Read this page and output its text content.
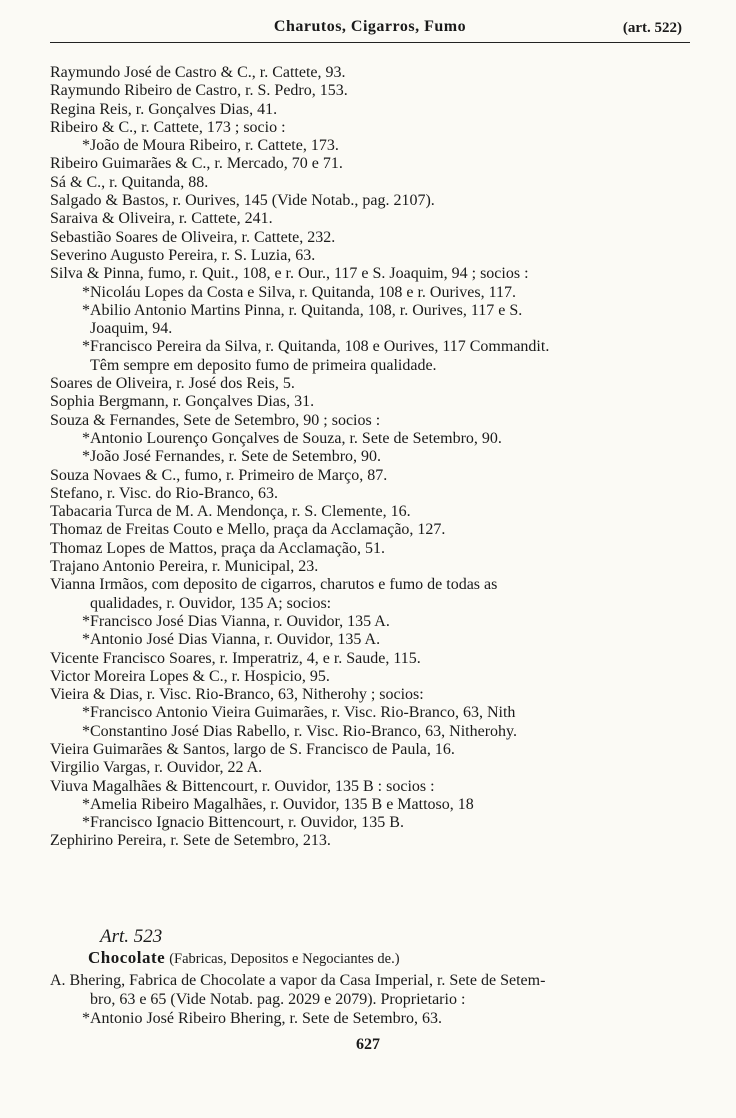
Charutos, Cigarros, Fumo	(art. 522)
Raymundo José de Castro & C., r. Cattete, 93.
Raymundo Ribeiro de Castro, r. S. Pedro, 153.
Regina Reis, r. Gonçalves Dias, 41.
Ribeiro & C., r. Cattete, 173 ; socio :
*João de Moura Ribeiro, r. Cattete, 173.
Ribeiro Guimarães & C., r. Mercado, 70 e 71.
Sá & C., r. Quitanda, 88.
Salgado & Bastos, r. Ourives, 145 (Vide Notab., pag. 2107).
Saraiva & Oliveira, r. Cattete, 241.
Sebastião Soares de Oliveira, r. Cattete, 232.
Severino Augusto Pereira, r. S. Luzia, 63.
Silva & Pinna, fumo, r. Quit., 108, e r. Our., 117 e S. Joaquim, 94 ; socios :
*Nicoláu Lopes da Costa e Silva, r. Quitanda, 108 e r. Ourives, 117.
*Abilio Antonio Martins Pinna, r. Quitanda, 108, r. Ourives, 117 e S.
Joaquim, 94.
*Francisco Pereira da Silva, r. Quitanda, 108 e Ourives, 117 Commandit.
Têm sempre em deposito fumo de primeira qualidade.
Soares de Oliveira, r. José dos Reis, 5.
Sophia Bergmann, r. Gonçalves Dias, 31.
Souza & Fernandes, Sete de Setembro, 90 ; socios :
*Antonio Lourenço Gonçalves de Souza, r. Sete de Setembro, 90.
*João José Fernandes, r. Sete de Setembro, 90.
Souza Novaes & C., fumo, r. Primeiro de Março, 87.
Stefano, r. Visc. do Rio-Branco, 63.
Tabacaria Turca de M. A. Mendonça, r. S. Clemente, 16.
Thomaz de Freitas Couto e Mello, praça da Acclamação, 127.
Thomaz Lopes de Mattos, praça da Acclamação, 51.
Trajano Antonio Pereira, r. Municipal, 23.
Vianna Irmãos, com deposito de cigarros, charutos e fumo de todas as
qualidades, r. Ouvidor, 135 A; socios:
*Francisco José Dias Vianna, r. Ouvidor, 135 A.
*Antonio José Dias Vianna, r. Ouvidor, 135 A.
Vicente Francisco Soares, r. Imperatriz, 4, e r. Saude, 115.
Victor Moreira Lopes & C., r. Hospicio, 95.
Vieira & Dias, r. Visc. Rio-Branco, 63, Nitherohy ; socios:
*Francisco Antonio Vieira Guimarães, r. Visc. Rio-Branco, 63, Nith
*Constantino José Dias Rabello, r. Visc. Rio-Branco, 63, Nitherohy.
Vieira Guimarães & Santos, largo de S. Francisco de Paula, 16.
Virgilio Vargas, r. Ouvidor, 22 A.
Viuva Magalhães & Bittencourt, r. Ouvidor, 135 B : socios :
*Amelia Ribeiro Magalhães, r. Ouvidor, 135 B e Mattoso, 18
*Francisco Ignacio Bittencourt, r. Ouvidor, 135 B.
Zephirino Pereira, r. Sete de Setembro, 213.
Art. 523
Chocolate (Fabricas, Depositos e Negociantes de.)
A. Bhering, Fabrica de Chocolate a vapor da Casa Imperial, r. Sete de Setem-
bro, 63 e 65 (Vide Notab. pag. 2029 e 2079). Proprietario :
*Antonio José Ribeiro Bhering, r. Sete de Setembro, 63.
627
